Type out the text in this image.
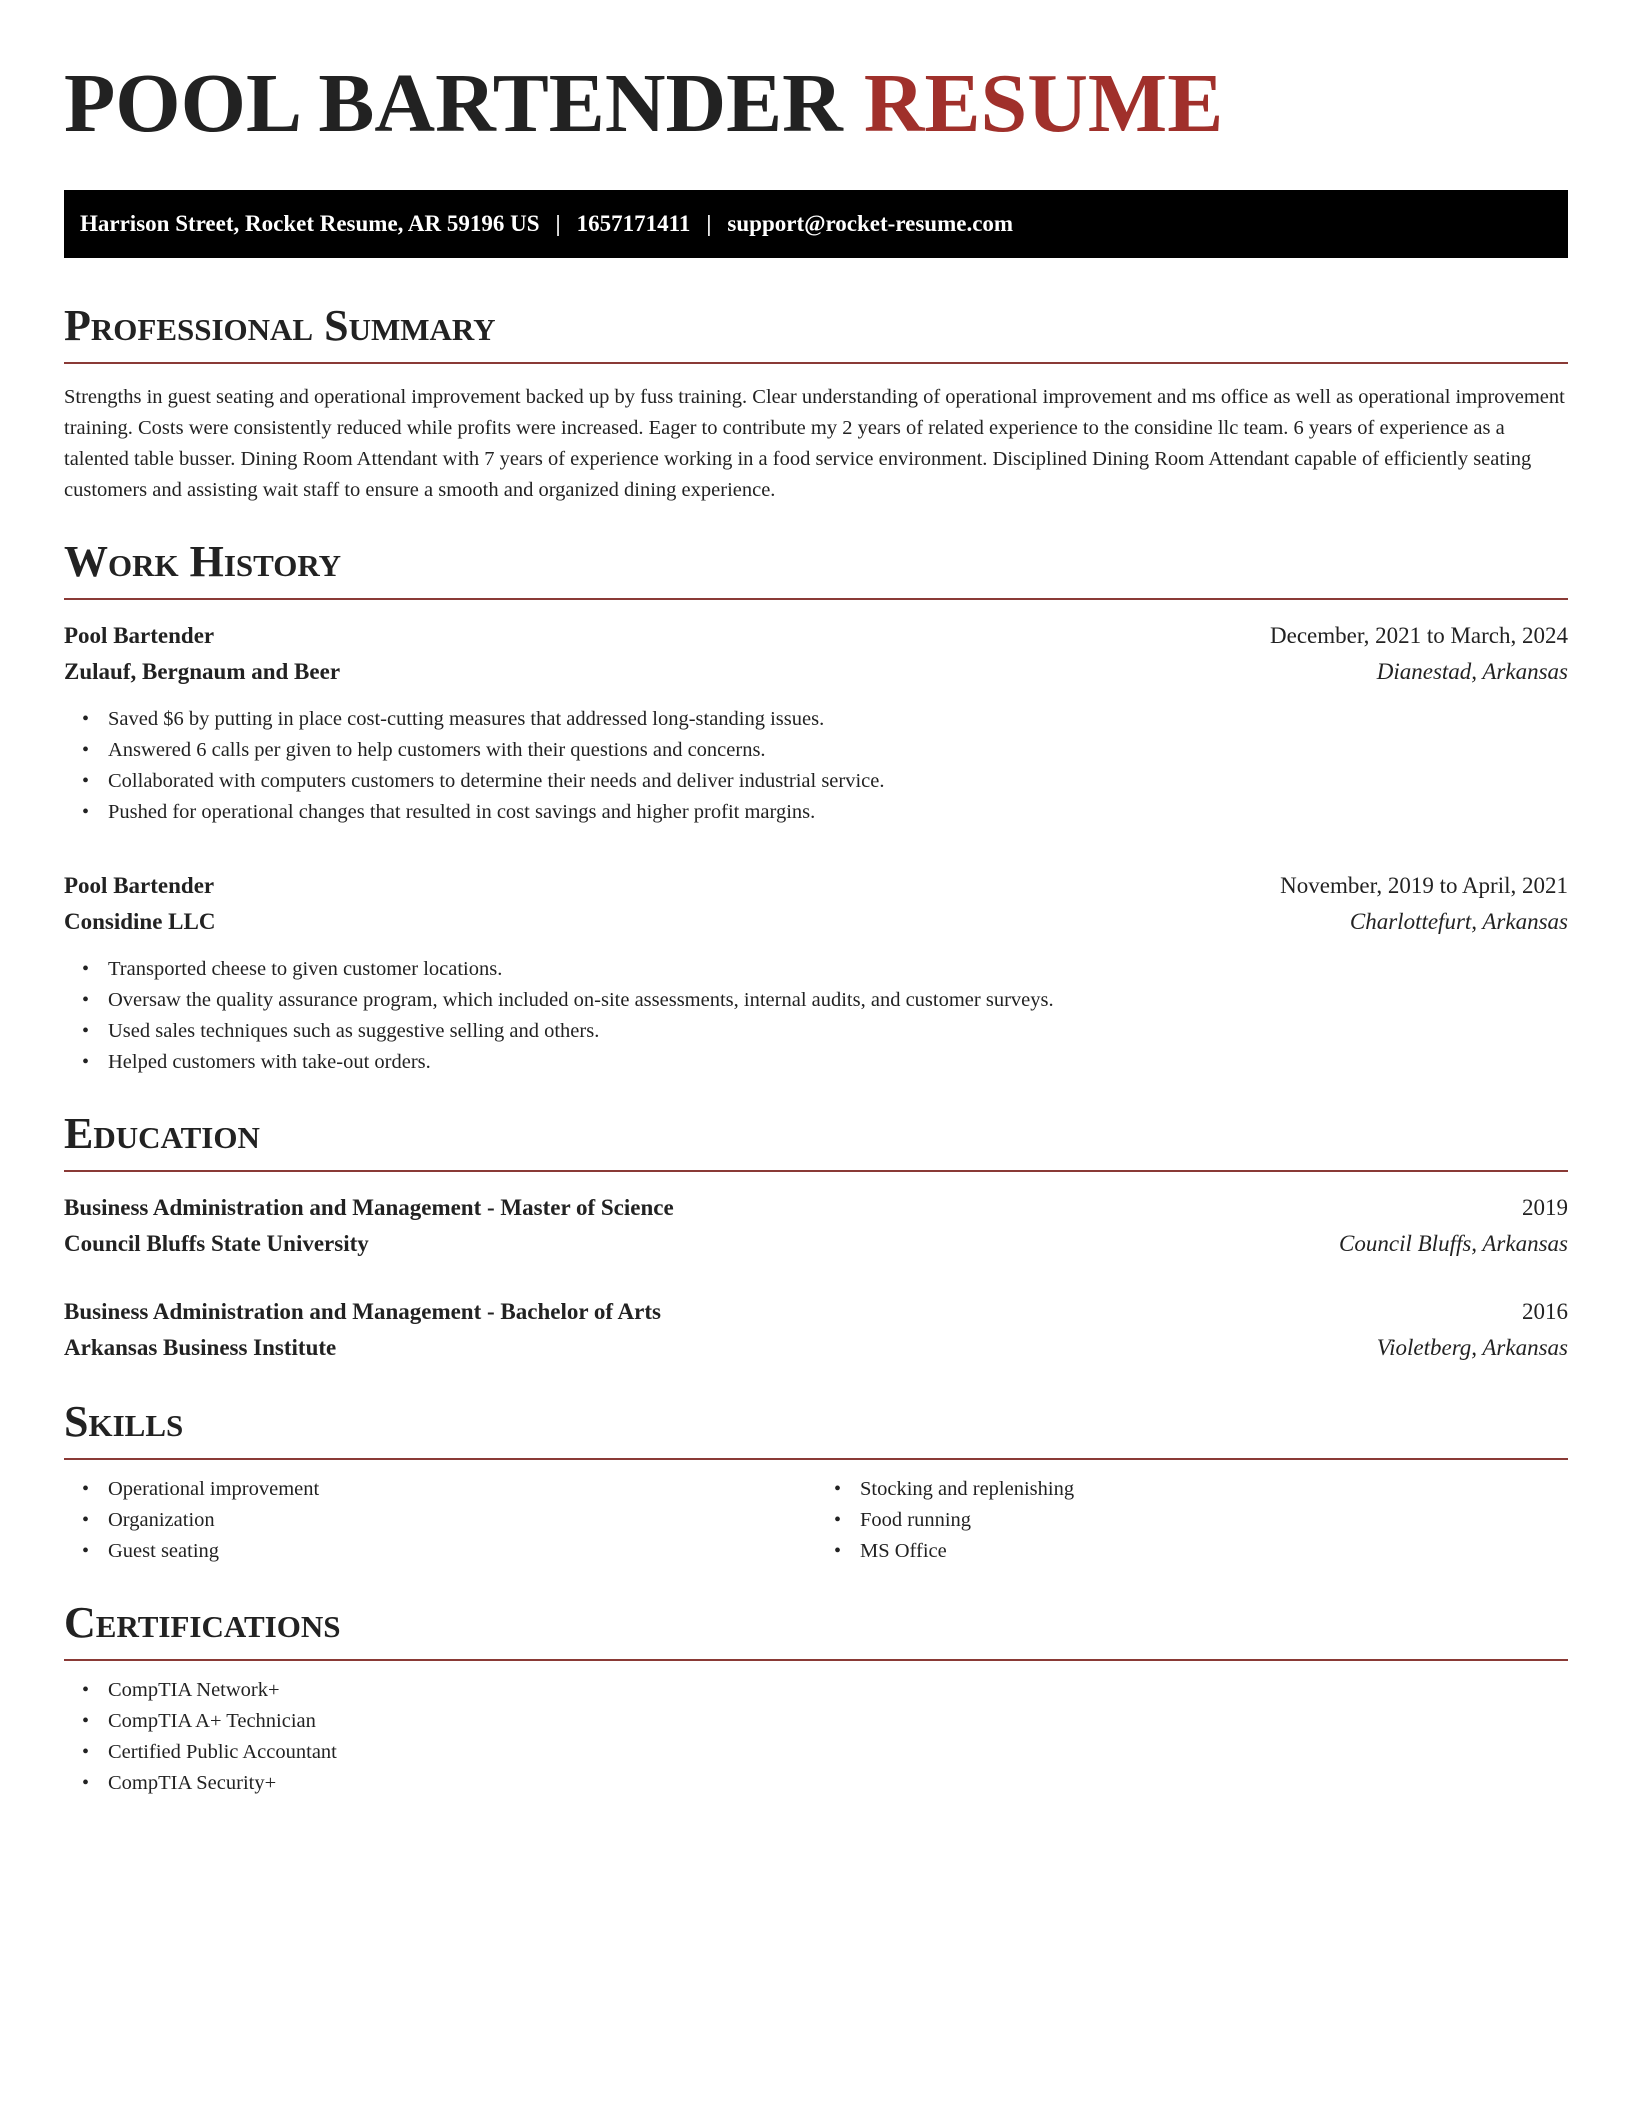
POOL BARTENDER RESUME
Harrison Street, Rocket Resume, AR 59196 US | 1657171411 | support@rocket-resume.com
Professional Summary

Strengths in guest seating and operational improvement backed up by fuss training. Clear understanding of operational improvement and ms office as well as operational improvement training. Costs were consistently reduced while profits were increased. Eager to contribute my 2 years of related experience to the considine llc team. 6 years of experience as a talented table busser. Dining Room Attendant with 7 years of experience working in a food service environment. Disciplined Dining Room Attendant capable of efficiently seating customers and assisting wait staff to ensure a smooth and organized dining experience.

Work History
Pool Bartender	December, 2021 to March, 2024
Zulauf, Bergnaum and Beer	Dianestad, Arkansas
• Saved $6 by putting in place cost-cutting measures that addressed long-standing issues.
• Answered 6 calls per given to help customers with their questions and concerns.
• Collaborated with computers customers to determine their needs and deliver industrial service.
• Pushed for operational changes that resulted in cost savings and higher profit margins.
Pool Bartender	November, 2019 to April, 2021
Considine LLC	Charlottefurt, Arkansas
• Transported cheese to given customer locations.
• Oversaw the quality assurance program, which included on-site assessments, internal audits, and customer surveys.
• Used sales techniques such as suggestive selling and others.
• Helped customers with take-out orders.
Education
Business Administration and Management - Master of Science	2019
Council Bluffs State University	Council Bluffs, Arkansas
Business Administration and Management - Bachelor of Arts	2016
Arkansas Business Institute	Violetberg, Arkansas
Skills
• Operational improvement
• Organization
• Guest seating
• Stocking and replenishing
• Food running
• MS Office
Certifications
• CompTIA Network+
• CompTIA A+ Technician
• Certified Public Accountant
• CompTIA Security+
